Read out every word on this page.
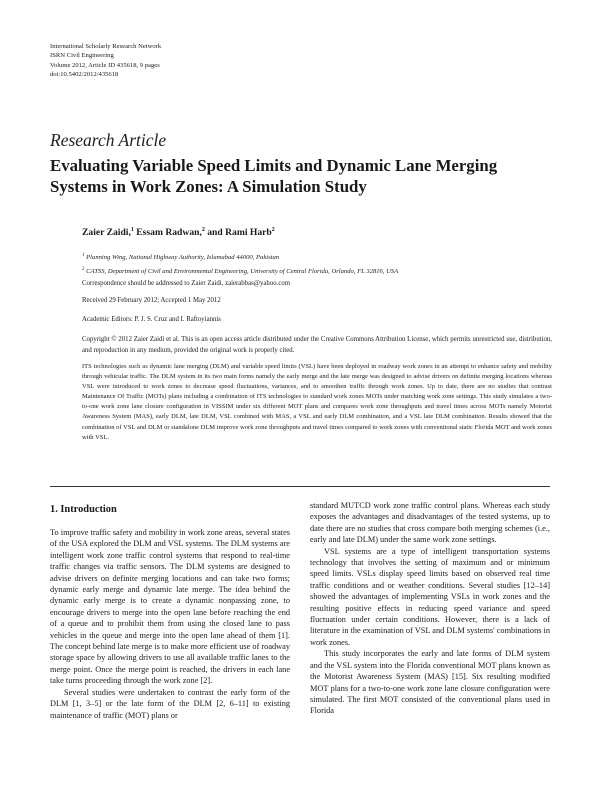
International Scholarly Research Network
ISRN Civil Engineering
Volume 2012, Article ID 435618, 9 pages
doi:10.5402/2012/435618
Research Article
Evaluating Variable Speed Limits and Dynamic Lane Merging
Systems in Work Zones: A Simulation Study
Zaier Zaidi,$^1$ Essam Radwan,$^2$ and Rami Harb$^2$
$^1$ Planning Wing, National Highway Authority, Islamabad 44000, Pakistan
$^2$ CATSS, Department of Civil and Environmental Engineering, University of Central Florida, Orlando, FL 32816, USA
Correspondence should be addressed to Zaier Zaidi, zaierabbas@yahoo.com
Received 29 February 2012; Accepted 1 May 2012
Academic Editors: P. J. S. Cruz and I. Raftoyiannis
Copyright © 2012 Zaier Zaidi et al. This is an open access article distributed under the Creative Commons Attribution License, which permits unrestricted use, distribution, and reproduction in any medium, provided the original work is properly cited.
ITS technologies such as dynamic lane merging (DLM) and variable speed limits (VSL) have been deployed in roadway work zones in an attempt to enhance safety and mobility through vehicular traffic. The DLM system in its two main forms namely the early merge and the late merge was designed to advise drivers on definite merging locations whereas VSL were introduced to work zones to decrease speed fluctuations, variances, and to smoothen traffic through work zones. Up to date, there are no studies that contrast Maintenance Of Traffic (MOTs) plans including a combination of ITS technologies to standard work zones MOTs under matching work zone settings. This study simulates a two-to-one work zone lane closure configuration in VISSIM under six different MOT plans and compares work zone throughputs and travel times across MOTs namely Motorist Awareness System (MAS), early DLM, late DLM, VSL combined with MAS, a VSL and early DLM combination, and a VSL late DLM combination. Results showed that the combination of VSL and DLM or standalone DLM improve work zone throughputs and travel times compared to work zones with conventional static Florida MOT and work zones with VSL.
1. Introduction

To improve traffic safety and mobility in work zone areas, several states of the USA explored the DLM and VSL systems. The DLM systems are intelligent work zone traffic control systems that respond to real-time traffic changes via traffic sensors. The DLM systems are designed to advise drivers on definite merging locations and can take two forms; dynamic early merge and dynamic late merge. The idea behind the dynamic early merge is to create a dynamic nonpassing zone, to encourage drivers to merge into the open lane before reaching the end of a queue and to prohibit them from using the closed lane to pass vehicles in the queue and merge into the open lane ahead of them [1]. The concept behind late merge is to make more efficient use of roadway storage space by allowing drivers to use all available traffic lanes to the merge point. Once the merge point is reached, the drivers in each lane take turns proceeding through the work zone [2].

Several studies were undertaken to contrast the early form of the DLM [1, 3–5] or the late form of the DLM [2, 6–11] to existing maintenance of traffic (MOT) plans or

standard MUTCD work zone traffic control plans. Whereas each study exposes the advantages and disadvantages of the tested systems, up to date there are no studies that cross compare both merging schemes (i.e., early and late DLM) under the same work zone settings.

VSL systems are a type of intelligent transportation systems technology that involves the setting of maximum and or minimum speed limits. VSLs display speed limits based on observed real time traffic conditions and or weather conditions. Several studies [12–14] showed the advantages of implementing VSLs in work zones and the resulting positive effects in reducing speed variance and speed fluctuation under certain conditions. However, there is a lack of literature in the examination of VSL and DLM systems' combinations in work zones.

This study incorporates the early and late forms of DLM system and the VSL system into the Florida conventional MOT plans known as the Motorist Awareness System (MAS) [15]. Six resulting modified MOT plans for a two-to-one work zone lane closure configuration were simulated. The first MOT consisted of the conventional plans used in Florida
